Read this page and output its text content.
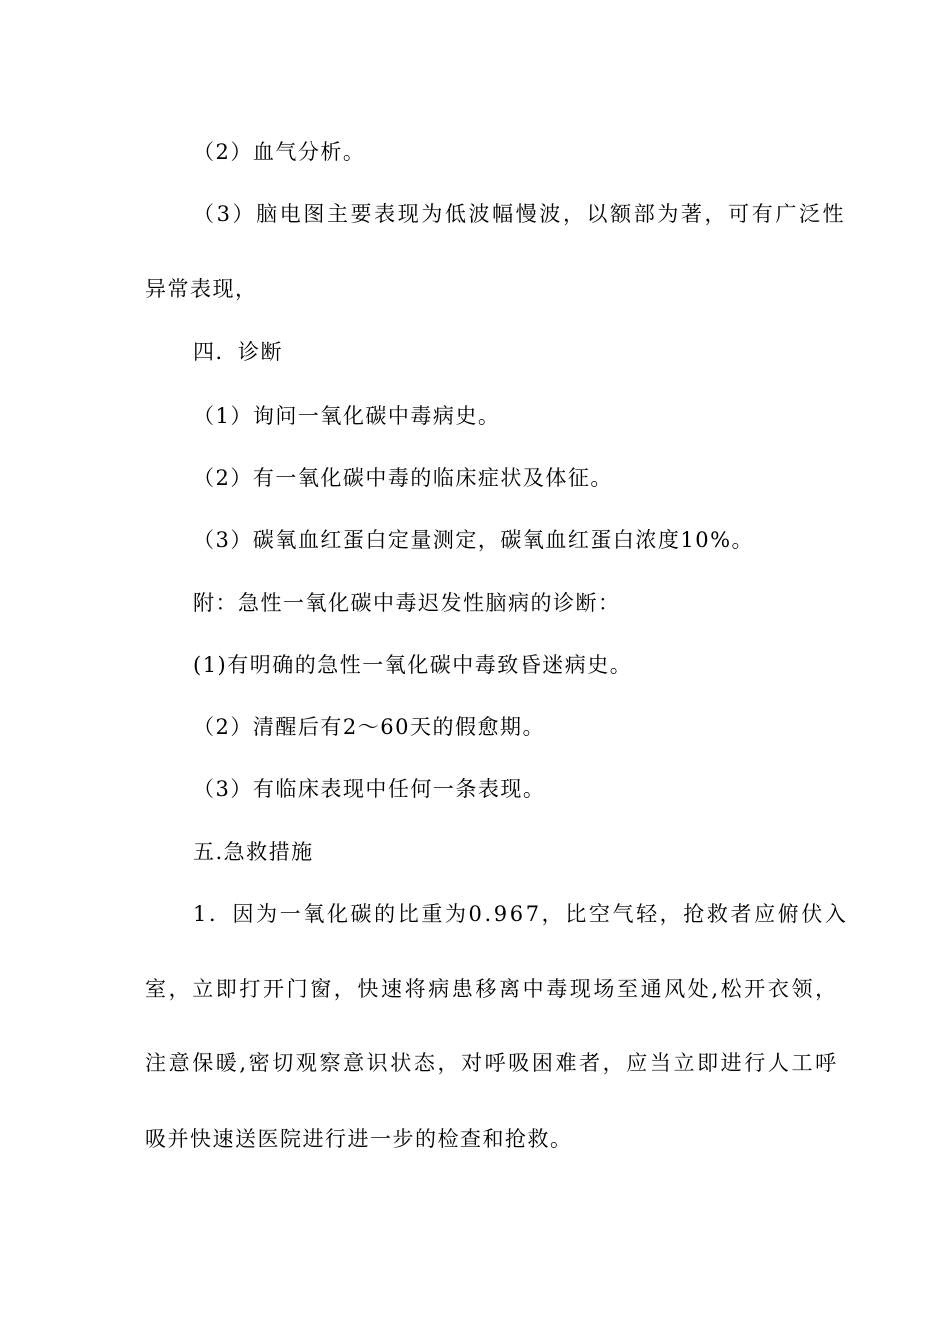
（2）血气分析。
（3）脑电图主要表现为低波幅慢波，以额部为著，可有广泛性
异常表现，
四．诊断
（1）询问一氧化碳中毒病史。
（2）有一氧化碳中毒的临床症状及体征。
（3）碳氧血红蛋白定量测定，碳氧血红蛋白浓度10%。
附：急性一氧化碳中毒迟发性脑病的诊断：
(1)有明确的急性一氧化碳中毒致昏迷病史。
（2）清醒后有2～60天的假愈期。
（3）有临床表现中任何一条表现。
五.急救措施
1．因为一氧化碳的比重为0.967，比空气轻，抢救者应俯伏入
室，立即打开门窗，快速将病患移离中毒现场至通风处,松开衣领，
注意保暖,密切观察意识状态，对呼吸困难者，应当立即进行人工呼
吸并快速送医院进行进一步的检查和抢救。
